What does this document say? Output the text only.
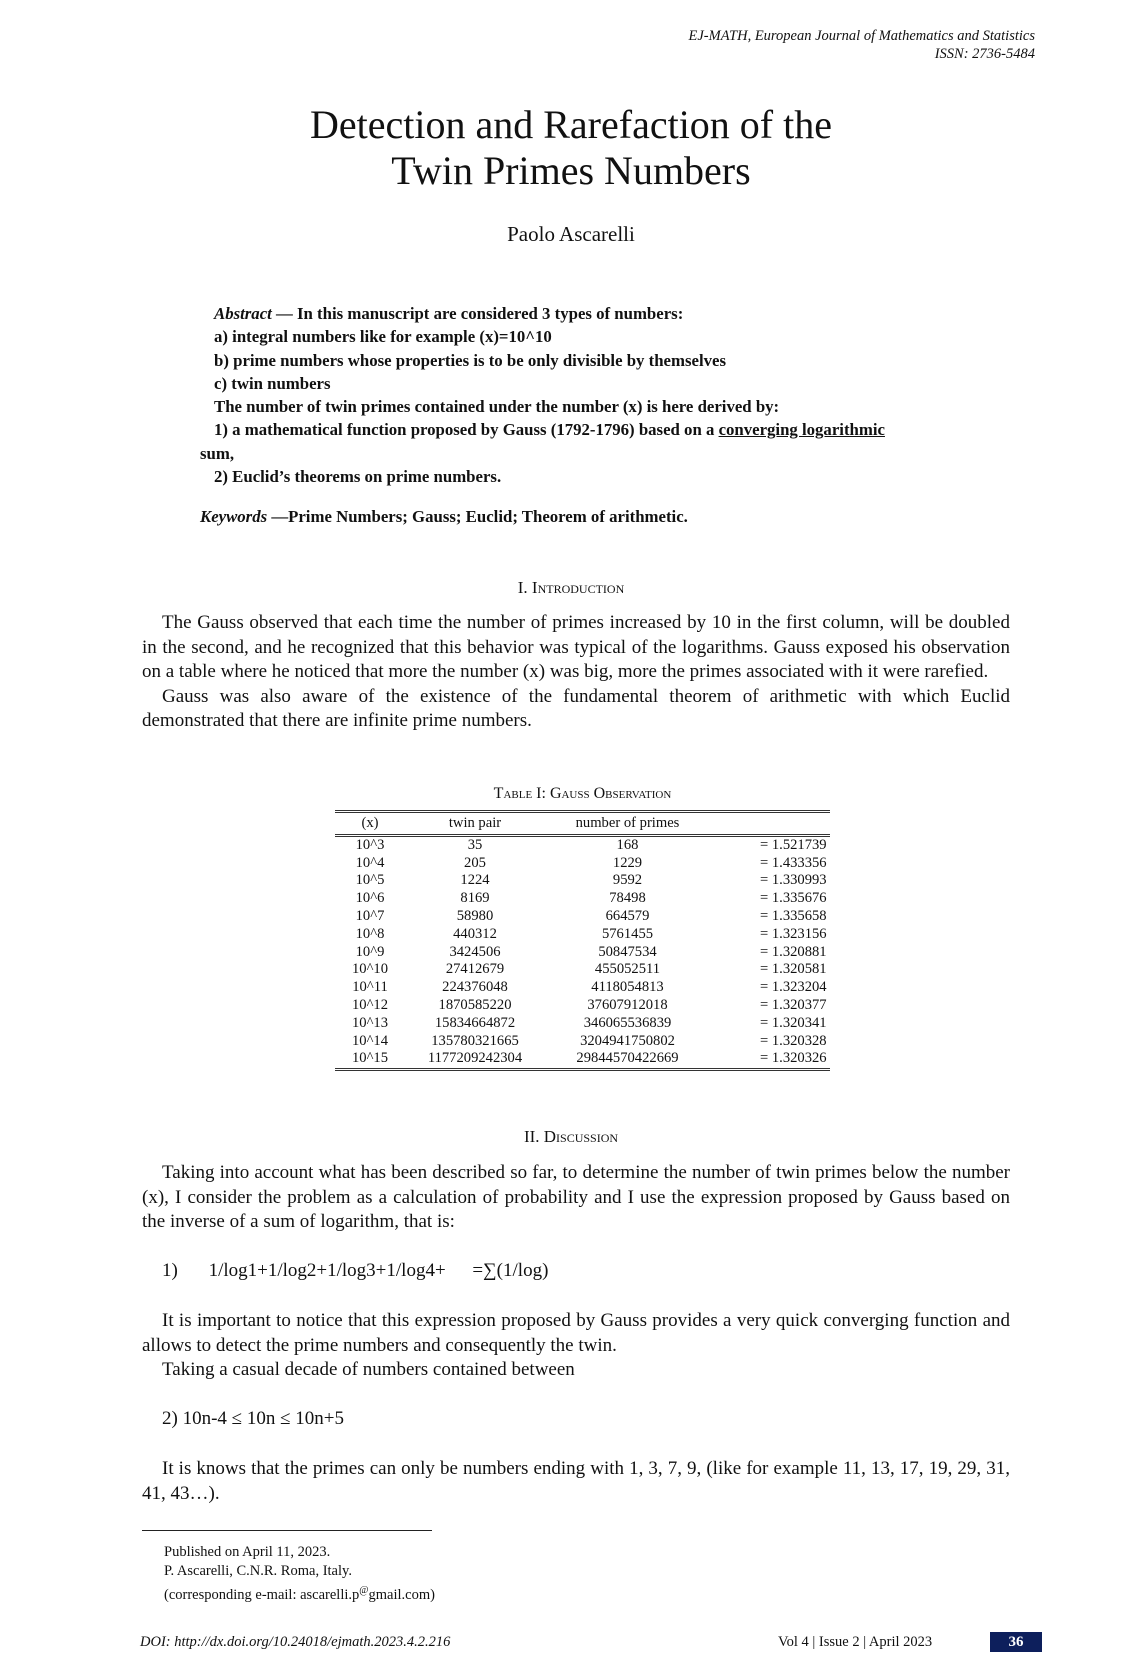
EJ-MATH, European Journal of Mathematics and Statistics
ISSN: 2736-5484
Detection and Rarefaction of the
Twin Primes Numbers
Paolo Ascarelli
Abstract — In this manuscript are considered 3 types of numbers:
a) integral numbers like for example (x)=10^10
b) prime numbers whose properties is to be only divisible by themselves
c) twin numbers
The number of twin primes contained under the number (x) is here derived by:
1) a mathematical function proposed by Gauss (1792-1796) based on a converging logarithmic
sum,
2) Euclid’s theorems on prime numbers.
Keywords —Prime Numbers; Gauss; Euclid; Theorem of arithmetic.
I. Introduction

The Gauss observed that each time the number of primes increased by 10 in the first column, will be doubled in the second, and he recognized that this behavior was typical of the logarithms. Gauss exposed his observation on a table where he noticed that more the number (x) was big, more the primes associated with it were rarefied.

Gauss was also aware of the existence of the fundamental theorem of arithmetic with which Euclid demonstrated that there are infinite prime numbers.

Table I: Gauss Observation
(x)	twin pair	number of primes	
10^3	35	168	= 1.521739
10^4	205	1229	= 1.433356
10^5	1224	9592	= 1.330993
10^6	8169	78498	= 1.335676
10^7	58980	664579	= 1.335658
10^8	440312	5761455	= 1.323156
10^9	3424506	50847534	= 1.320881
10^10	27412679	455052511	= 1.320581
10^11	224376048	4118054813	= 1.323204
10^12	1870585220	37607912018	= 1.320377
10^13	15834664872	346065536839	= 1.320341
10^14	135780321665	3204941750802	= 1.320328
10^15	1177209242304	29844570422669	= 1.320326
II. Discussion

Taking into account what has been described so far, to determine the number of twin primes below the number (x), I consider the problem as a calculation of probability and I use the expression proposed by Gauss based on the inverse of a sum of logarithm, that is:

1) 1/log1+1/log2+1/log3+1/log4+ =∑(1/log)

It is important to notice that this expression proposed by Gauss provides a very quick converging function and allows to detect the prime numbers and consequently the twin.

Taking a casual decade of numbers contained between

2) 10n-4 ≤ 10n ≤ 10n+5

It is knows that the primes can only be numbers ending with 1, 3, 7, 9, (like for example 11, 13, 17, 19, 29, 31, 41, 43…).

Published on April 11, 2023.
P. Ascarelli, C.N.R. Roma, Italy.
(corresponding e-mail: ascarelli.p@gmail.com)
DOI: http://dx.doi.org/10.24018/ejmath.2023.4.2.216	Vol 4 | Issue 2 | April 2023	36
